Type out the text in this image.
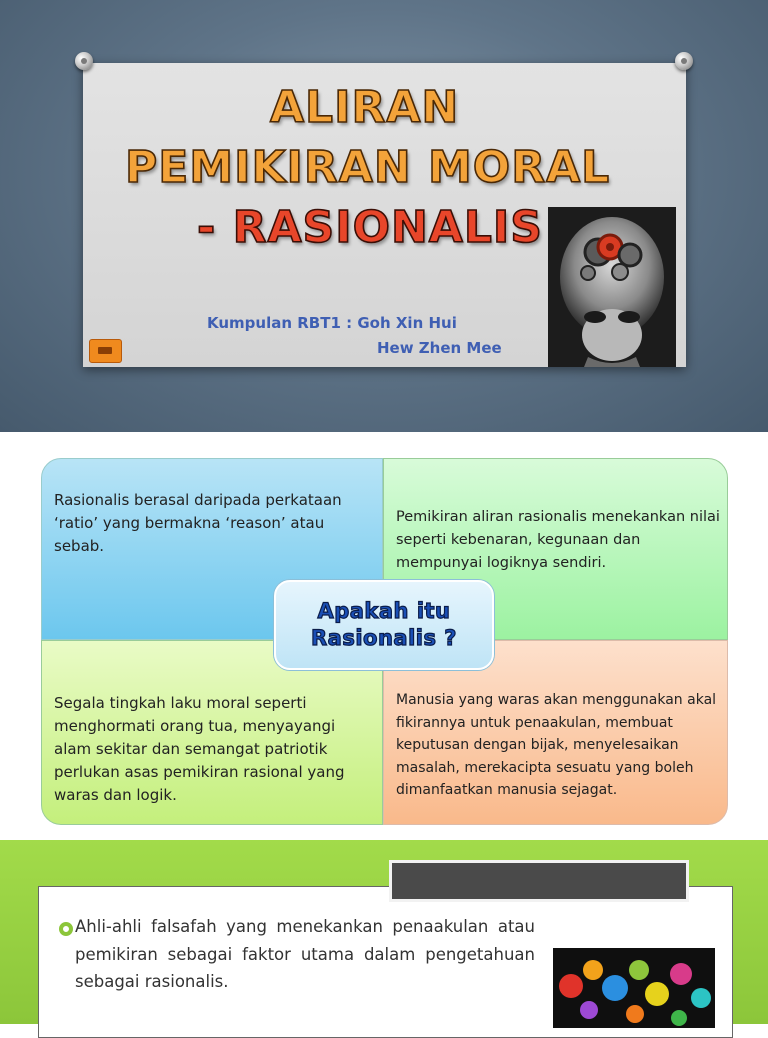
ALIRAN
PEMIKIRAN MORAL
- RASIONALIS
Kumpulan RBT1 : Goh Xin Hui
Hew Zhen Mee
Rasionalis berasal daripada perkataan ‘ratio’ yang bermakna ‘reason’ atau sebab.
Pemikiran aliran rasionalis menekankan nilai seperti kebenaran, kegunaan dan mempunyai logiknya sendiri.
Segala tingkah laku moral seperti menghormati orang tua, menyayangi alam sekitar dan semangat patriotik perlukan asas pemikiran rasional yang waras dan logik.
Manusia yang waras akan menggunakan akal fikirannya untuk penaakulan, membuat keputusan dengan bijak, menyelesaikan masalah, merekacipta sesuatu yang boleh dimanfaatkan manusia sejagat.
Apakah itu Rasionalis ?
Ahli-ahli falsafah yang menekankan penaakulan atau pemikiran sebagai faktor utama dalam pengetahuan sebagai rasionalis.
